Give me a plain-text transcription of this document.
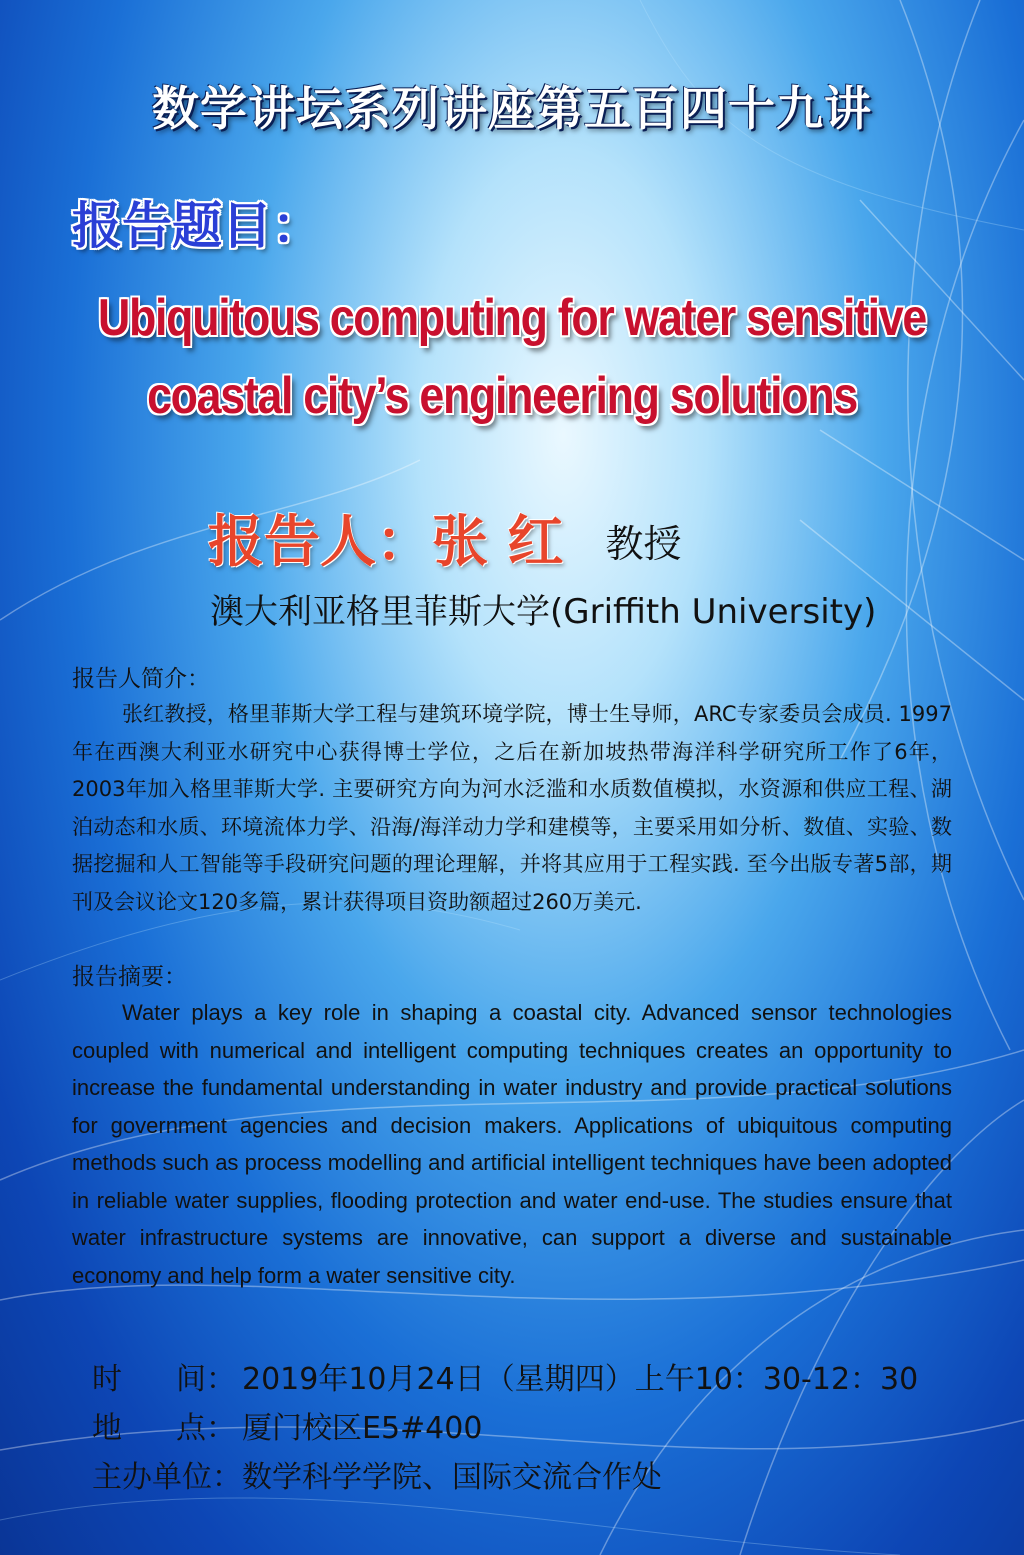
数学讲坛系列讲座第五百四十九讲
报告题目：
Ubiquitous computing for water sensitive
coastal city’s engineering solutions
报告人：张 红 教授
澳大利亚格里菲斯大学(Griffith University)
报告人简介：
张红教授，格里菲斯大学工程与建筑环境学院，博士生导师，ARC专家委员会成员. 1997年在西澳大利亚水研究中心获得博士学位，之后在新加坡热带海洋科学研究所工作了6年，2003年加入格里菲斯大学. 主要研究方向为河水泛滥和水质数值模拟，水资源和供应工程、湖泊动态和水质、环境流体力学、沿海/海洋动力学和建模等，主要采用如分析、数值、实验、数据挖掘和人工智能等手段研究问题的理论理解，并将其应用于工程实践. 至今出版专著5部，期刊及会议论文120多篇，累计获得项目资助额超过260万美元.
报告摘要：
Water plays a key role in shaping a coastal city. Advanced sensor technologies coupled with numerical and intelligent computing techniques creates an opportunity to increase the fundamental understanding in water industry and provide practical solutions for government agencies and decision makers. Applications of ubiquitous computing methods such as process modelling and artificial intelligent techniques have been adopted in reliable water supplies, flooding protection and water end-use. The studies ensure that water infrastructure systems are innovative, can support a diverse and sustainable economy and help form a water sensitive city.
时 间： 2019年10月24日（星期四）上午10：30-12：30
地 点： 厦门校区E5#400
主办单位：数学科学学院、国际交流合作处
